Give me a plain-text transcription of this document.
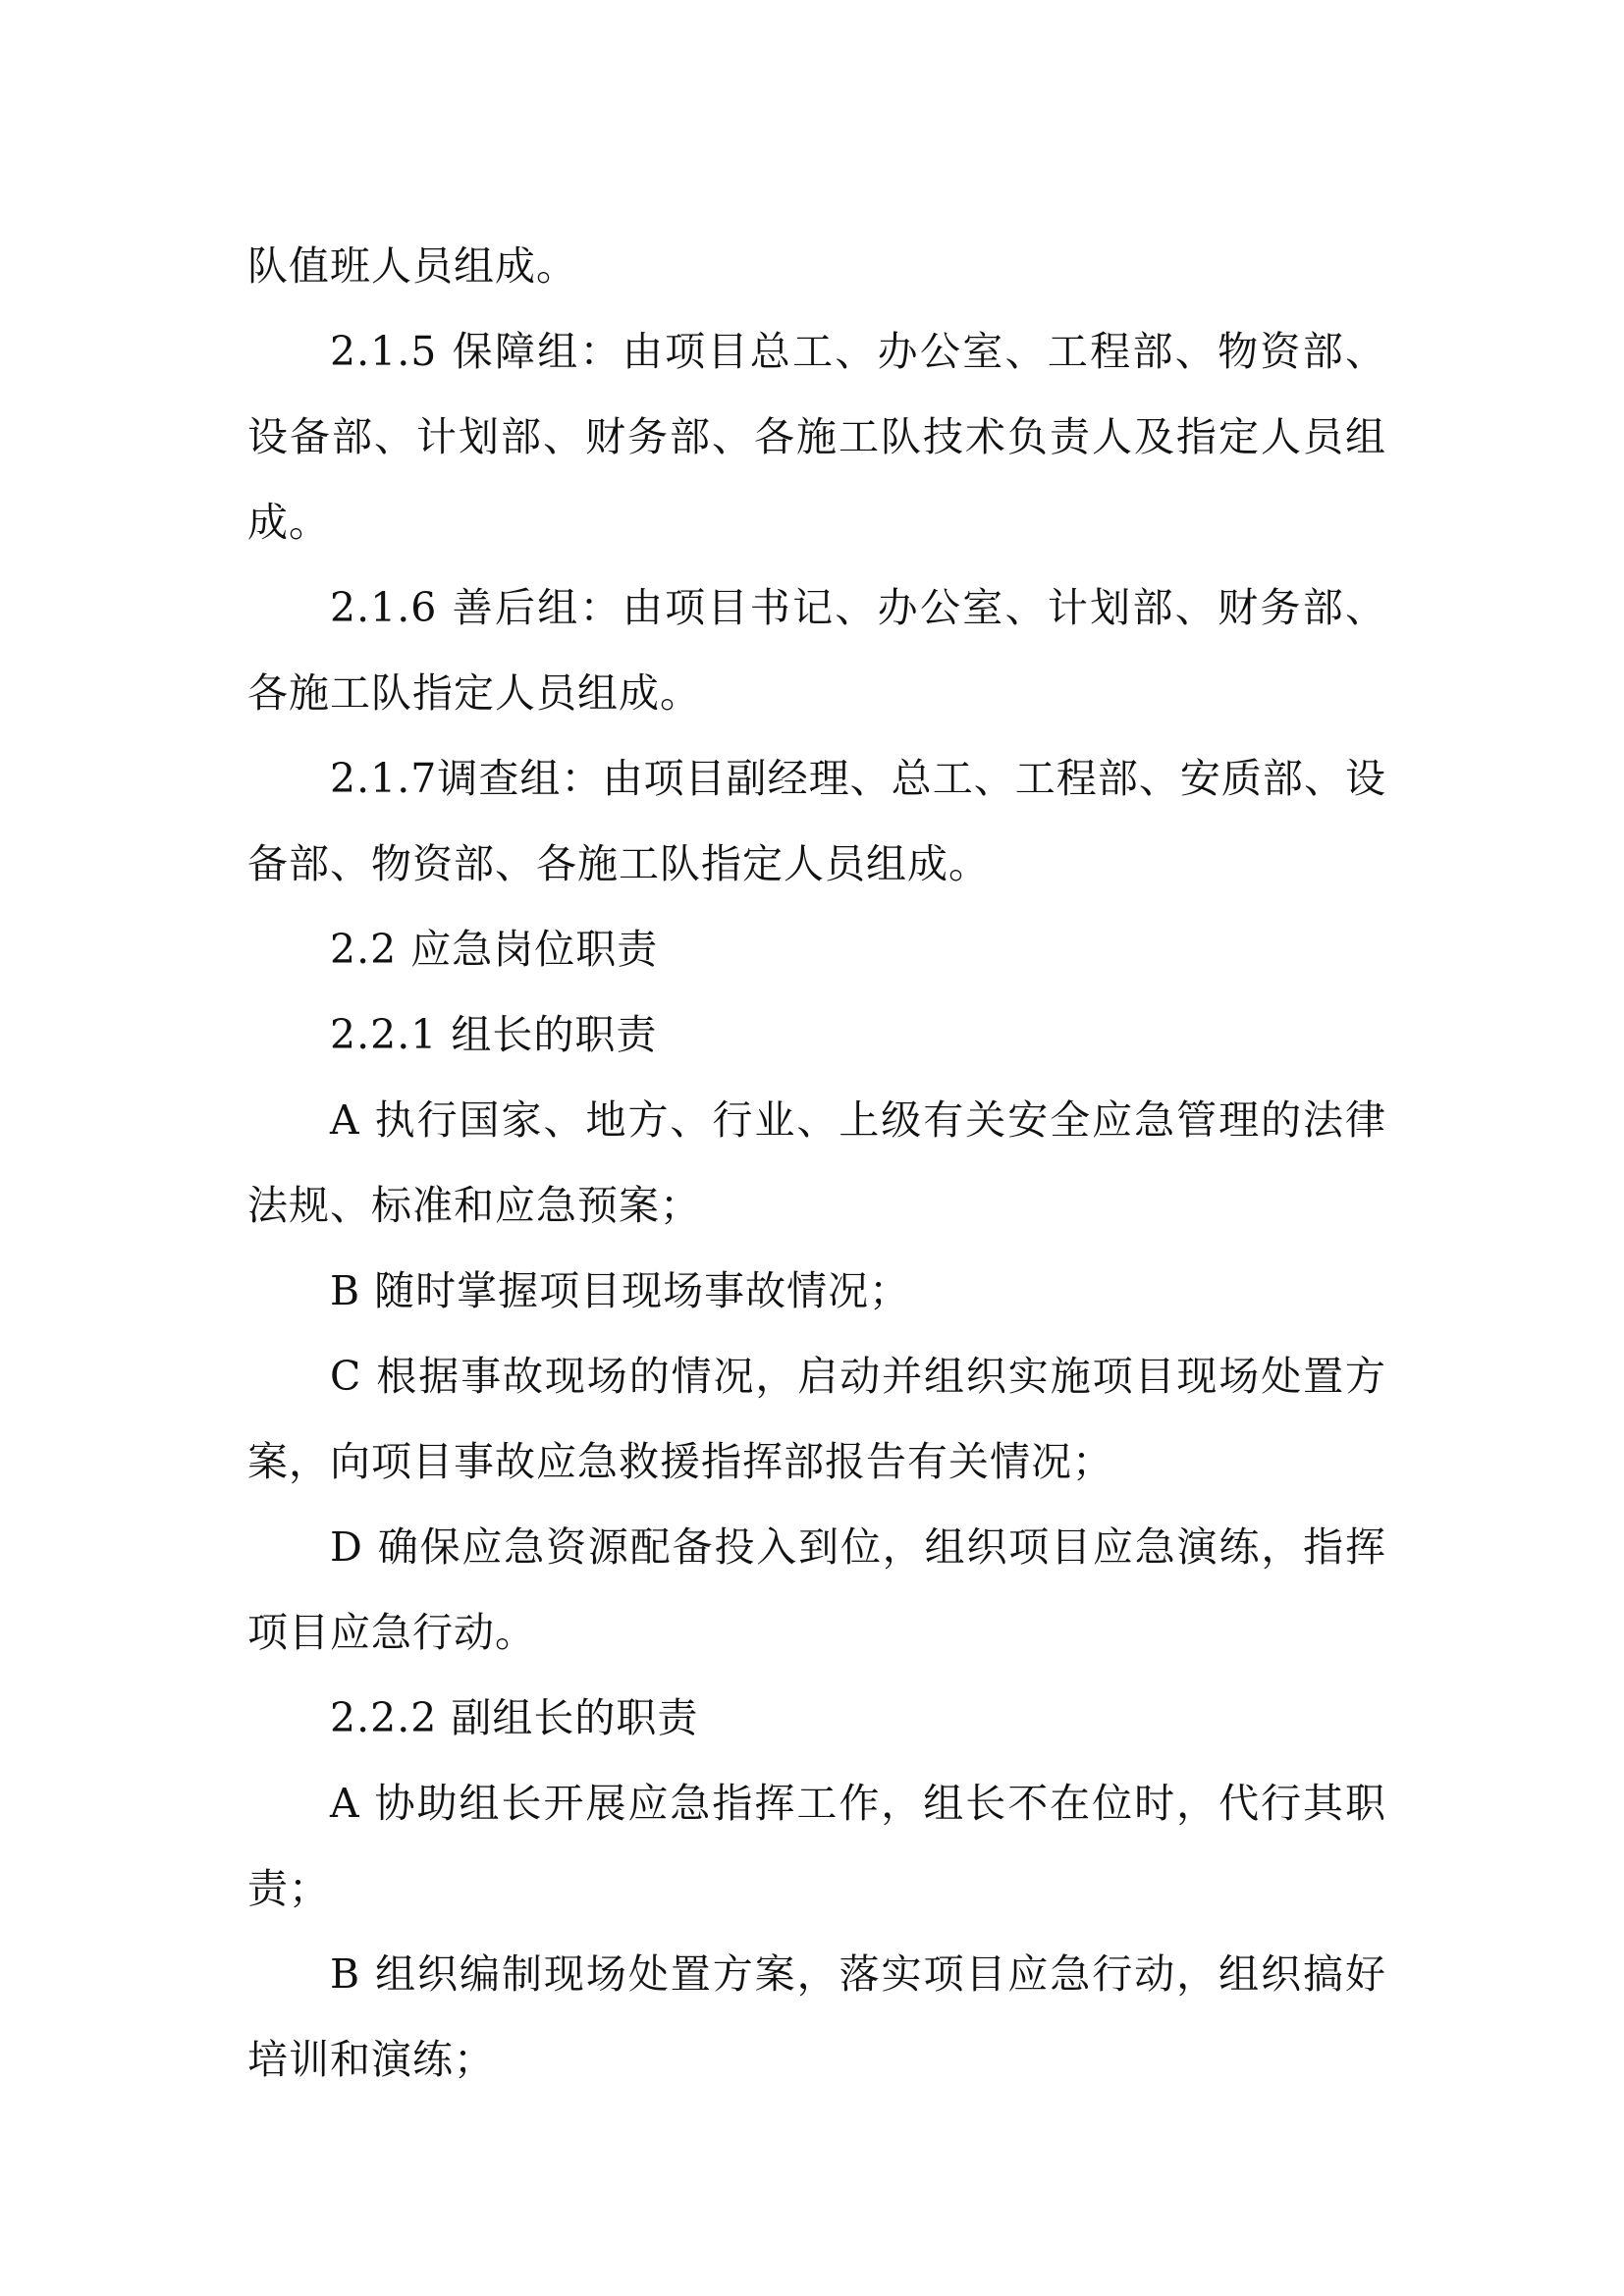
队值班人员组成。

2.1.5 保障组：由项目总工、办公室、工程部、物资部、设备部、计划部、财务部、各施工队技术负责人及指定人员组成。

2.1.6 善后组：由项目书记、办公室、计划部、财务部、各施工队指定人员组成。

2.1.7调查组：由项目副经理、总工、工程部、安质部、设备部、物资部、各施工队指定人员组成。

2.2 应急岗位职责

2.2.1 组长的职责

A 执行国家、地方、行业、上级有关安全应急管理的法律法规、标准和应急预案；

B 随时掌握项目现场事故情况；

C 根据事故现场的情况，启动并组织实施项目现场处置方案，向项目事故应急救援指挥部报告有关情况；

D 确保应急资源配备投入到位，组织项目应急演练，指挥项目应急行动。

2.2.2 副组长的职责

A 协助组长开展应急指挥工作，组长不在位时，代行其职责；

B 组织编制现场处置方案，落实项目应急行动，组织搞好培训和演练；
